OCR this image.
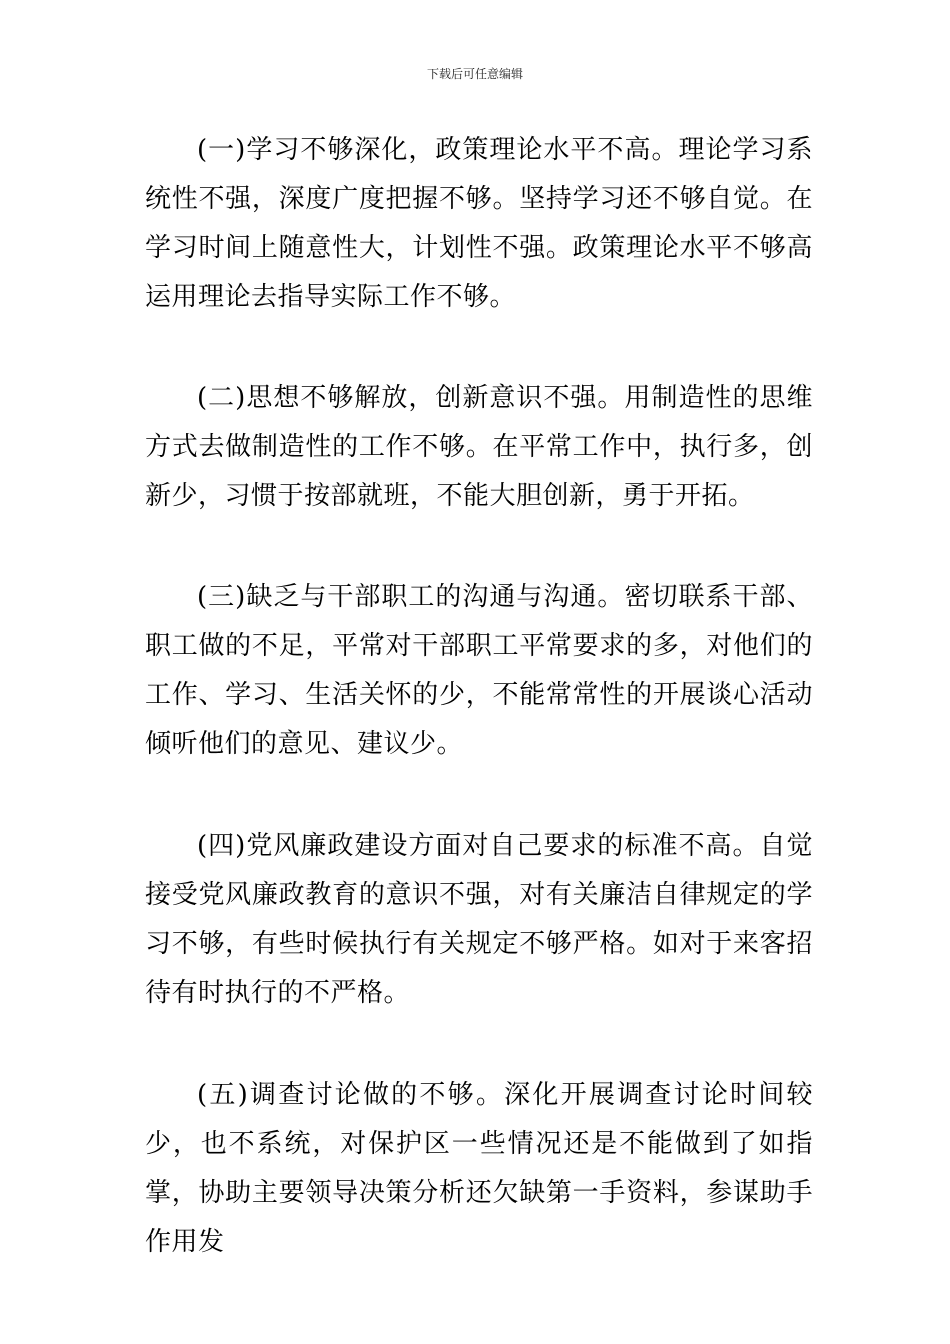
下载后可任意编辑

(一)学习不够深化，政策理论水平不高。理论学习系统性不强，深度广度把握不够。坚持学习还不够自觉。在学习时间上随意性大，计划性不强。政策理论水平不够高运用理论去指导实际工作不够。

(二)思想不够解放，创新意识不强。用制造性的思维方式去做制造性的工作不够。在平常工作中，执行多，创新少，习惯于按部就班，不能大胆创新，勇于开拓。

(三)缺乏与干部职工的沟通与沟通。密切联系干部、职工做的不足，平常对干部职工平常要求的多，对他们的工作、学习、生活关怀的少，不能常常性的开展谈心活动倾听他们的意见、建议少。

(四)党风廉政建设方面对自己要求的标准不高。自觉接受党风廉政教育的意识不强，对有关廉洁自律规定的学习不够，有些时候执行有关规定不够严格。如对于来客招待有时执行的不严格。

(五)调查讨论做的不够。深化开展调查讨论时间较少，也不系统，对保护区一些情况还是不能做到了如指掌，协助主要领导决策分析还欠缺第一手资料，参谋助手作用发
